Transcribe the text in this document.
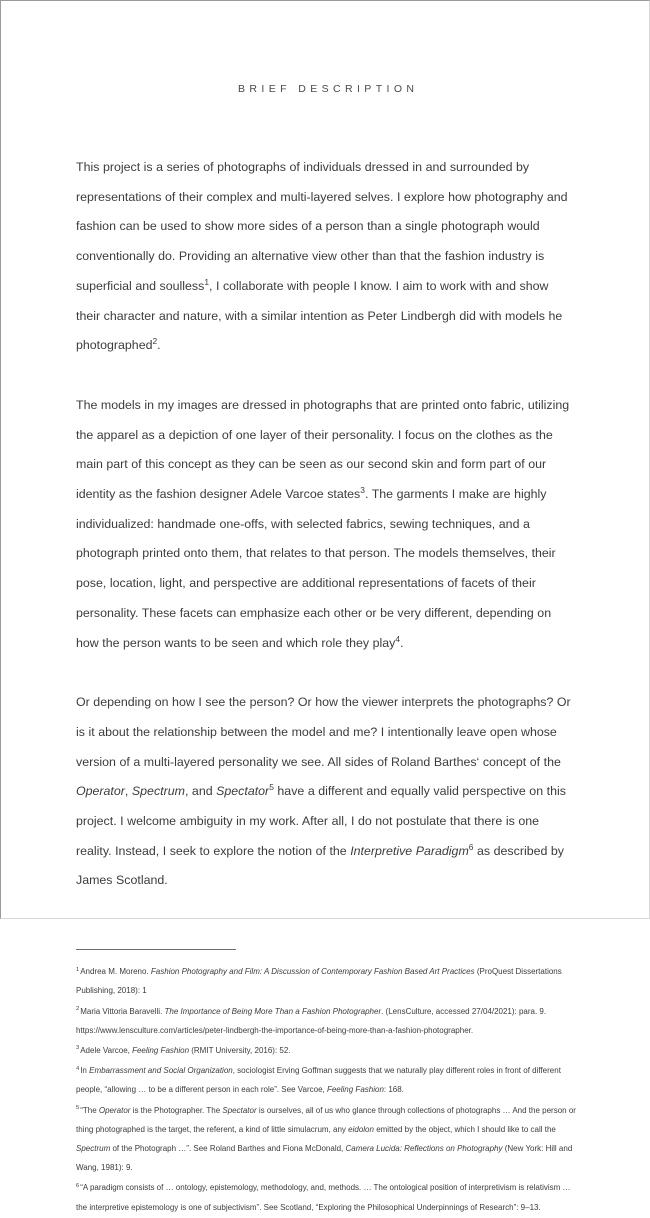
BRIEF DESCRIPTION

This project is a series of photographs of individuals dressed in and surrounded by representations of their complex and multi-layered selves. I explore how photography and fashion can be used to show more sides of a person than a single photograph would conventionally do. Providing an alternative view other than that the fashion industry is superficial and soulless$^1$, I collaborate with people I know. I aim to work with and show their character and nature, with a similar intention as Peter Lindbergh did with models he photographed$^2$.

The models in my images are dressed in photographs that are printed onto fabric, utilizing the apparel as a depiction of one layer of their personality. I focus on the clothes as the main part of this concept as they can be seen as our second skin and form part of our identity as the fashion designer Adele Varcoe states$^3$. The garments I make are highly individualized: handmade one-offs, with selected fabrics, sewing techniques, and a photograph printed onto them, that relates to that person. The models themselves, their pose, location, light, and perspective are additional representations of facets of their personality. These facets can emphasize each other or be very different, depending on how the person wants to be seen and which role they play$^4$.

Or depending on how I see the person? Or how the viewer interprets the photographs? Or is it about the relationship between the model and me? I intentionally leave open whose version of a multi-layered personality we see. All sides of Roland Barthes‘ concept of the Operator, Spectrum, and Spectator$^5$ have a different and equally valid perspective on this project. I welcome ambiguity in my work. After all, I do not postulate that there is one reality. Instead, I seek to explore the notion of the Interpretive Paradigm$^6$ as described by James Scotland.

$^1$Andrea M. Moreno. Fashion Photography and Film: A Discussion of Contemporary Fashion Based Art Practices (ProQuest Dissertations Publishing, 2018): 1

$^2$Maria Vittoria Baravelli. The Importance of Being More Than a Fashion Photographer. (LensCulture, accessed 27/04/2021): para. 9. https://www.lensculture.com/articles/peter-lindbergh-the-importance-of-being-more-than-a-fashion-photographer.

$^3$Adele Varcoe, Feeling Fashion (RMIT University, 2016): 52.

$^4$In Embarrassment and Social Organization, sociologist Erving Goffman suggests that we naturally play different roles in front of different people, “allowing … to be a different person in each role”. See Varcoe, Feeling Fashion: 168.

$^5$“The Operator is the Photographer. The Spectator is ourselves, all of us who glance through collections of photographs … And the person or thing photographed is the target, the referent, a kind of little simulacrum, any eidolon emitted by the object, which I should like to call the Spectrum of the Photograph …”. See Roland Barthes and Fiona McDonald, Camera Lucida: Reflections on Photography (New York: Hill and Wang, 1981): 9.

$^6$“A paradigm consists of … ontology, epistemology, methodology, and, methods. … The ontological position of interpretivism is relativism … the interpretive epistemology is one of subjectivism”. See Scotland, “Exploring the Philosophical Underpinnings of Research”: 9–13.
